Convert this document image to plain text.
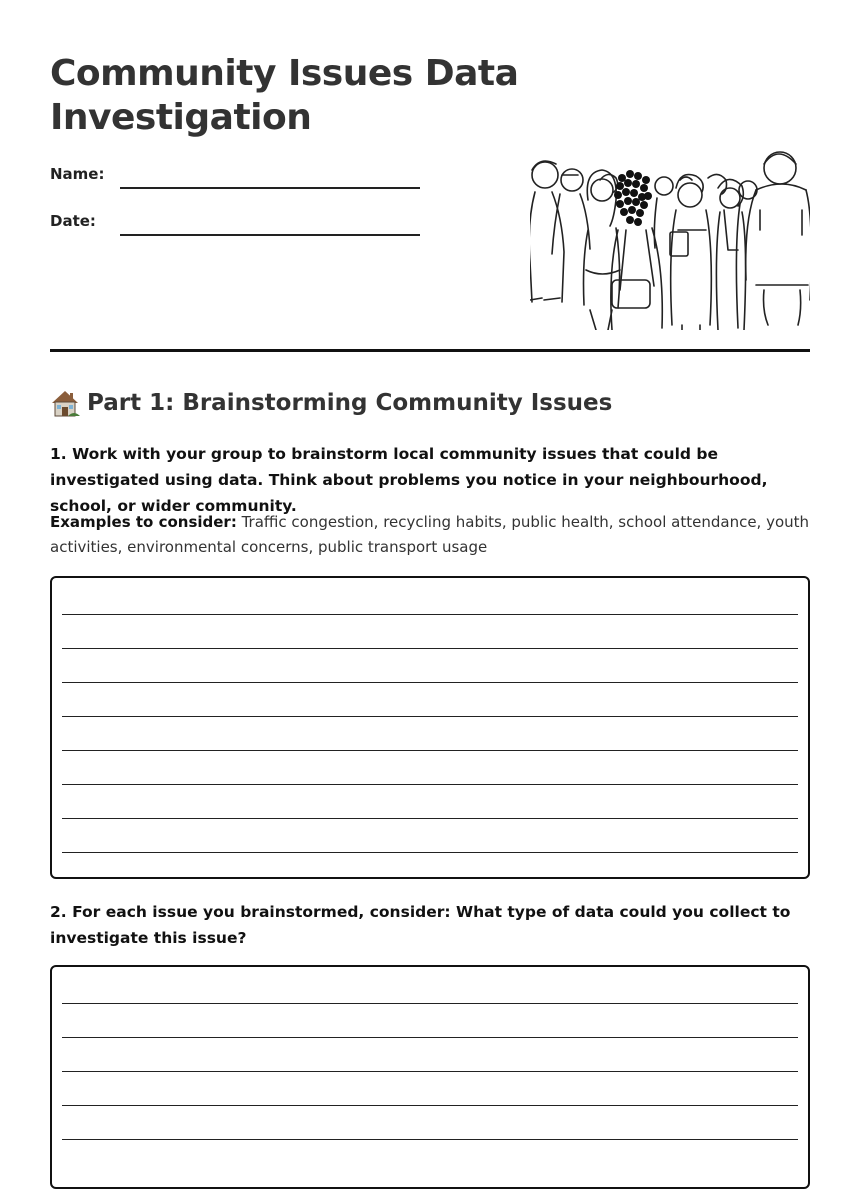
Community Issues Data Investigation
Name:
Date:
Part 1: Brainstorming Community Issues

1. Work with your group to brainstorm local community issues that could be investigated using data. Think about problems you notice in your neighbourhood, school, or wider community.

Examples to consider: Traffic congestion, recycling habits, public health, school attendance, youth activities, environmental concerns, public transport usage

2. For each issue you brainstormed, consider: What type of data could you collect to investigate this issue?
